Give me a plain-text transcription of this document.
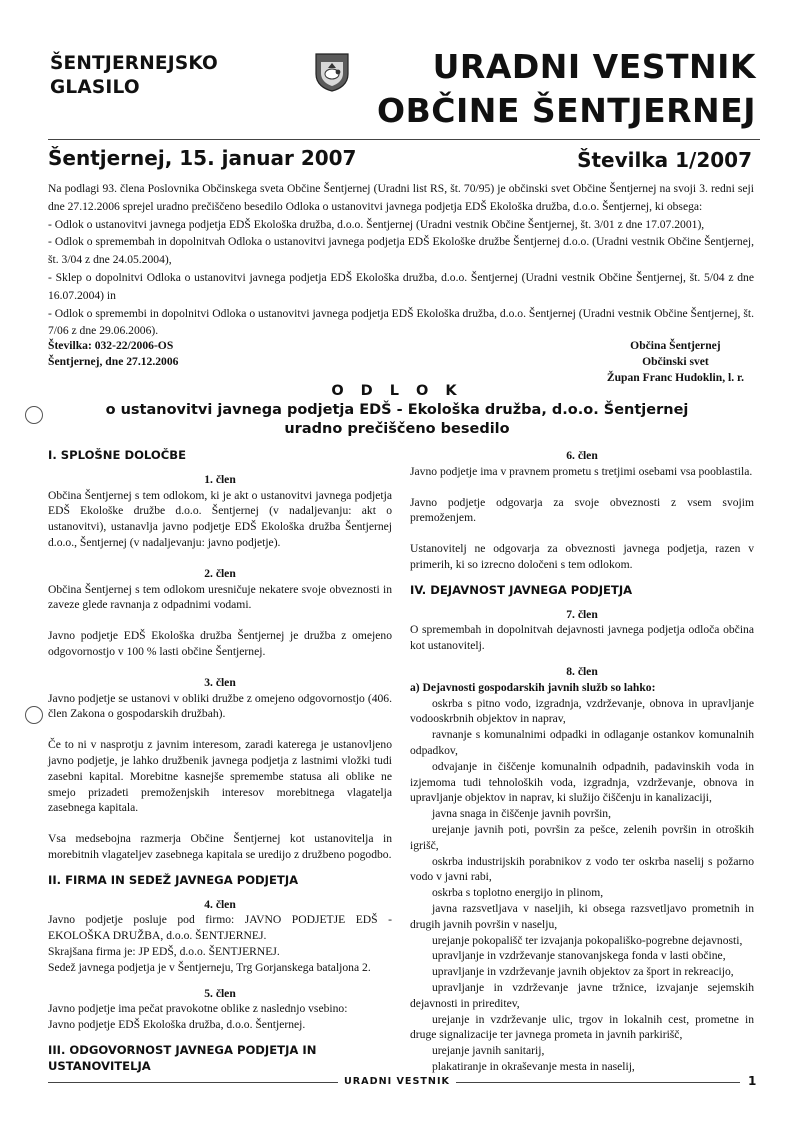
ŠENTJERNEJSKO
GLASILO
URADNI VESTNIK
OBČINE ŠENTJERNEJ
Šentjernej, 15. januar 2007	Številka 1/2007
Na podlagi 93. člena Poslovnika Občinskega sveta Občine Šentjernej (Uradni list RS, št. 70/95) je občinski svet Občine Šentjernej na svoji 3. redni seji dne 27.12.2006 sprejel uradno prečiščeno besedilo Odloka o ustanovitvi javnega podjetja EDŠ Ekološka družba, d.o.o. Šentjernej, ki obsega:
- Odlok o ustanovitvi javnega podjetja EDŠ Ekološka družba, d.o.o. Šentjernej (Uradni vestnik Občine Šentjernej, št. 3/01 z dne 17.07.2001),
- Odlok o spremembah in dopolnitvah Odloka o ustanovitvi javnega podjetja EDŠ Ekološke družbe Šentjernej d.o.o. (Uradni vestnik Občine Šentjernej, št. 3/04 z dne 24.05.2004),
- Sklep o dopolnitvi Odloka o ustanovitvi javnega podjetja EDŠ Ekološka družba, d.o.o. Šentjernej (Uradni vestnik Občine Šentjernej, št. 5/04 z dne 16.07.2004) in
- Odlok o spremembi in dopolnitvi Odloka o ustanovitvi javnega podjetja EDŠ Ekološka družba, d.o.o. Šentjernej (Uradni vestnik Občine Šentjernej, št. 7/06 z dne 29.06.2006).
Številka: 032-22/2006-OS
Šentjernej, dne 27.12.2006
Občina Šentjernej
Občinski svet
Župan Franc Hudoklin, l. r.
O D L O K
o ustanovitvi javnega podjetja EDŠ - Ekološka družba, d.o.o. Šentjernej
uradno prečiščeno besedilo
I. SPLOŠNE DOLOČBE
1. člen
Občina Šentjernej s tem odlokom, ki je akt o ustanovitvi javnega podjetja EDŠ Ekološke družbe d.o.o. Šentjernej (v nadaljevanju: akt o ustanovitvi), ustanavlja javno podjetje EDŠ Ekološka družba Šentjernej d.o.o., Šentjernej (v nadaljevanju: javno podjetje).
2. člen
Občina Šentjernej s tem odlokom uresničuje nekatere svoje obveznosti in zaveze glede ravnanja z odpadnimi vodami.
Javno podjetje EDŠ Ekološka družba Šentjernej je družba z omejeno odgovornostjo v 100 % lasti občine Šentjernej.
3. člen
Javno podjetje se ustanovi v obliki družbe z omejeno odgovornostjo (406. člen Zakona o gospodarskih družbah).
Če to ni v nasprotju z javnim interesom, zaradi katerega je ustanovljeno javno podjetje, je lahko družbenik javnega podjetja z lastnimi vložki tudi zasebni kapital. Morebitne kasnejše spremembe statusa ali oblike ne smejo prizadeti premoženjskih interesov morebitnega vlagatelja zasebnega kapitala.
Vsa medsebojna razmerja Občine Šentjernej kot ustanovitelja in morebitnih vlagateljev zasebnega kapitala se uredijo z družbeno pogodbo.
II. FIRMA IN SEDEŽ JAVNEGA PODJETJA
4. člen
Javno podjetje posluje pod firmo: JAVNO PODJETJE EDŠ - EKOLOŠKA DRUŽBA, d.o.o. ŠENTJERNEJ.
Skrajšana firma je: JP EDŠ, d.o.o. ŠENTJERNEJ.
Sedež javnega podjetja je v Šentjerneju, Trg Gorjanskega bataljona 2.
5. člen
Javno podjetje ima pečat pravokotne oblike z naslednjo vsebino:
Javno podjetje EDŠ Ekološka družba, d.o.o. Šentjernej.
III. ODGOVORNOST JAVNEGA PODJETJA IN USTANOVITELJA
6. člen
Javno podjetje ima v pravnem prometu s tretjimi osebami vsa pooblastila.
Javno podjetje odgovarja za svoje obveznosti z vsem svojim premoženjem.
Ustanovitelj ne odgovarja za obveznosti javnega podjetja, razen v primerih, ki so izrecno določeni s tem odlokom.
IV. DEJAVNOST JAVNEGA PODJETJA
7. člen
O spremembah in dopolnitvah dejavnosti javnega podjetja odloča občina kot ustanovitelj.
8. člen
a) Dejavnosti gospodarskih javnih služb so lahko:
oskrba s pitno vodo, izgradnja, vzdrževanje, obnova in upravljanje vodooskrbnih objektov in naprav,
ravnanje s komunalnimi odpadki in odlaganje ostankov komunalnih odpadkov,
odvajanje in čiščenje komunalnih odpadnih, padavinskih voda in izjemoma tudi tehnoloških voda, izgradnja, vzdrževanje, obnova in upravljanje objektov in naprav, ki služijo čiščenju in kanalizaciji,
javna snaga in čiščenje javnih površin,
urejanje javnih poti, površin za pešce, zelenih površin in otroških igrišč,
oskrba industrijskih porabnikov z vodo ter oskrba naselij s požarno vodo v javni rabi,
oskrba s toplotno energijo in plinom,
javna razsvetljava v naseljih, ki obsega razsvetljavo prometnih in drugih javnih površin v naselju,
urejanje pokopališč ter izvajanja pokopališko-pogrebne dejavnosti,
upravljanje in vzdrževanje stanovanjskega fonda v lasti občine,
upravljanje in vzdrževanje javnih objektov za šport in rekreacijo,
upravljanje in vzdrževanje javne tržnice, izvajanje sejemskih dejavnosti in prireditev,
urejanje in vzdrževanje ulic, trgov in lokalnih cest, prometne in druge signalizacije ter javnega prometa in javnih parkirišč,
urejanje javnih sanitarij,
plakatiranje in okraševanje mesta in naselij,
URADNI VESTNIK	1
